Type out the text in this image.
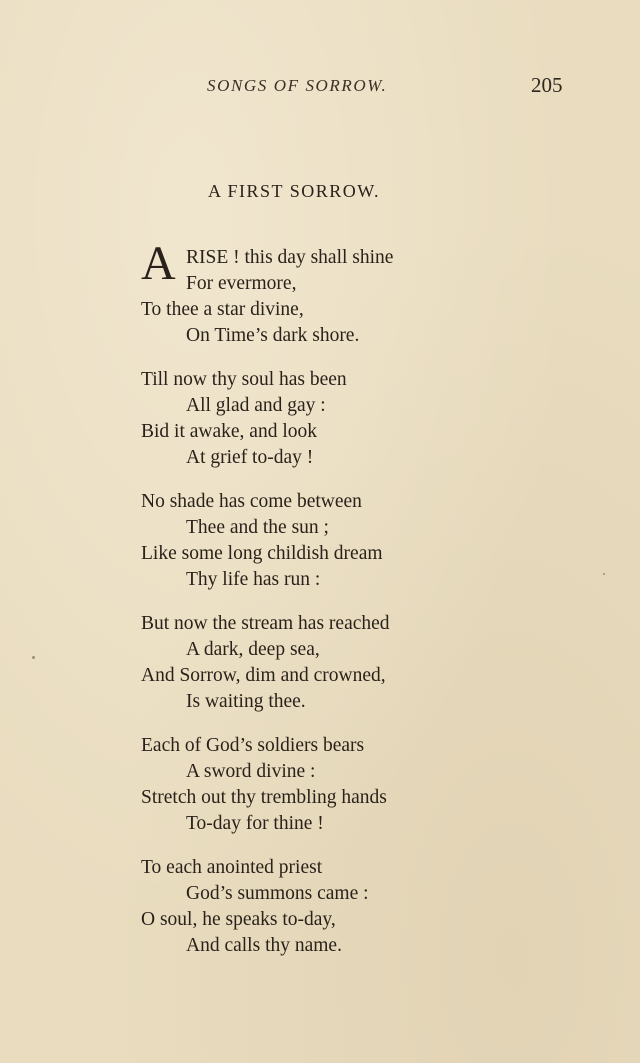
SONGS OF SORROW.	205
A FIRST SORROW.
A RISE ! this day shall shine
For evermore,
To thee a star divine,
On Time’s dark shore.
Till now thy soul has been
All glad and gay :
Bid it awake, and look
At grief to-day !
No shade has come between
Thee and the sun ;
Like some long childish dream
Thy life has run :
But now the stream has reached
A dark, deep sea,
And Sorrow, dim and crowned,
Is waiting thee.
Each of God’s soldiers bears
A sword divine :
Stretch out thy trembling hands
To-day for thine !
To each anointed priest
God’s summons came :
O soul, he speaks to-day,
And calls thy name.
